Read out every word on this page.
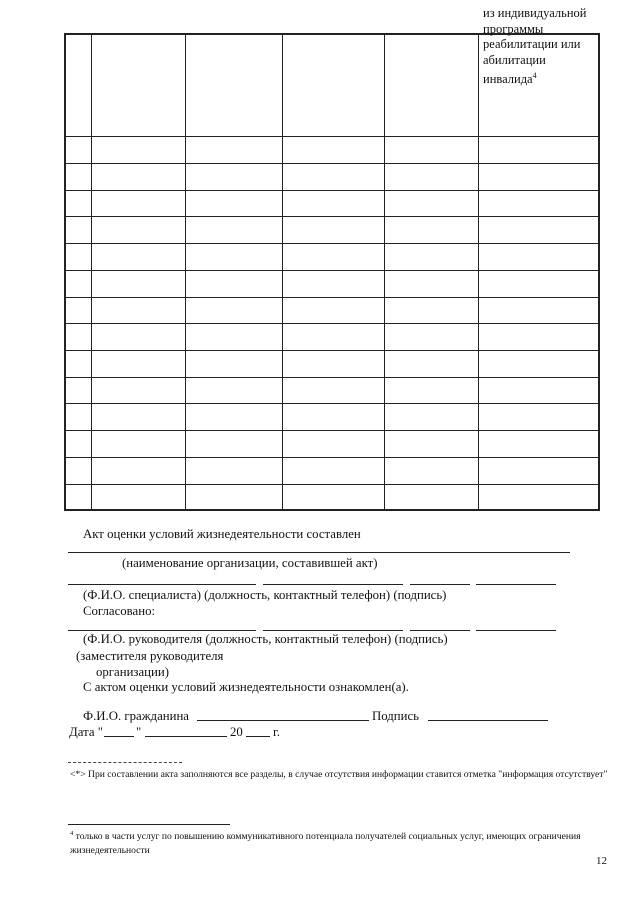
из индивидуальной программы реабилитации или абилитации инвалида$^4$
Акт оценки условий жизнедеятельности составлен
(наименование организации, составившей акт)
(Ф.И.О. специалиста) (должность, контактный телефон) (подпись)
Согласовано:
(Ф.И.О. руководителя (должность, контактный телефон) (подпись)
(заместителя руководителя
организации)
С актом оценки условий жизнедеятельности ознакомлен(а).
Ф.И.О. гражданина	Подпись
Дата "	"	20 г.
<*> При составлении акта заполняются все разделы, в случае отсутствия информации ставится отметка "информация отсутствует"
$^4$ только в части услуг по повышению коммуникативного потенциала получателей социальных услуг, имеющих ограничения жизнедеятельности
12
